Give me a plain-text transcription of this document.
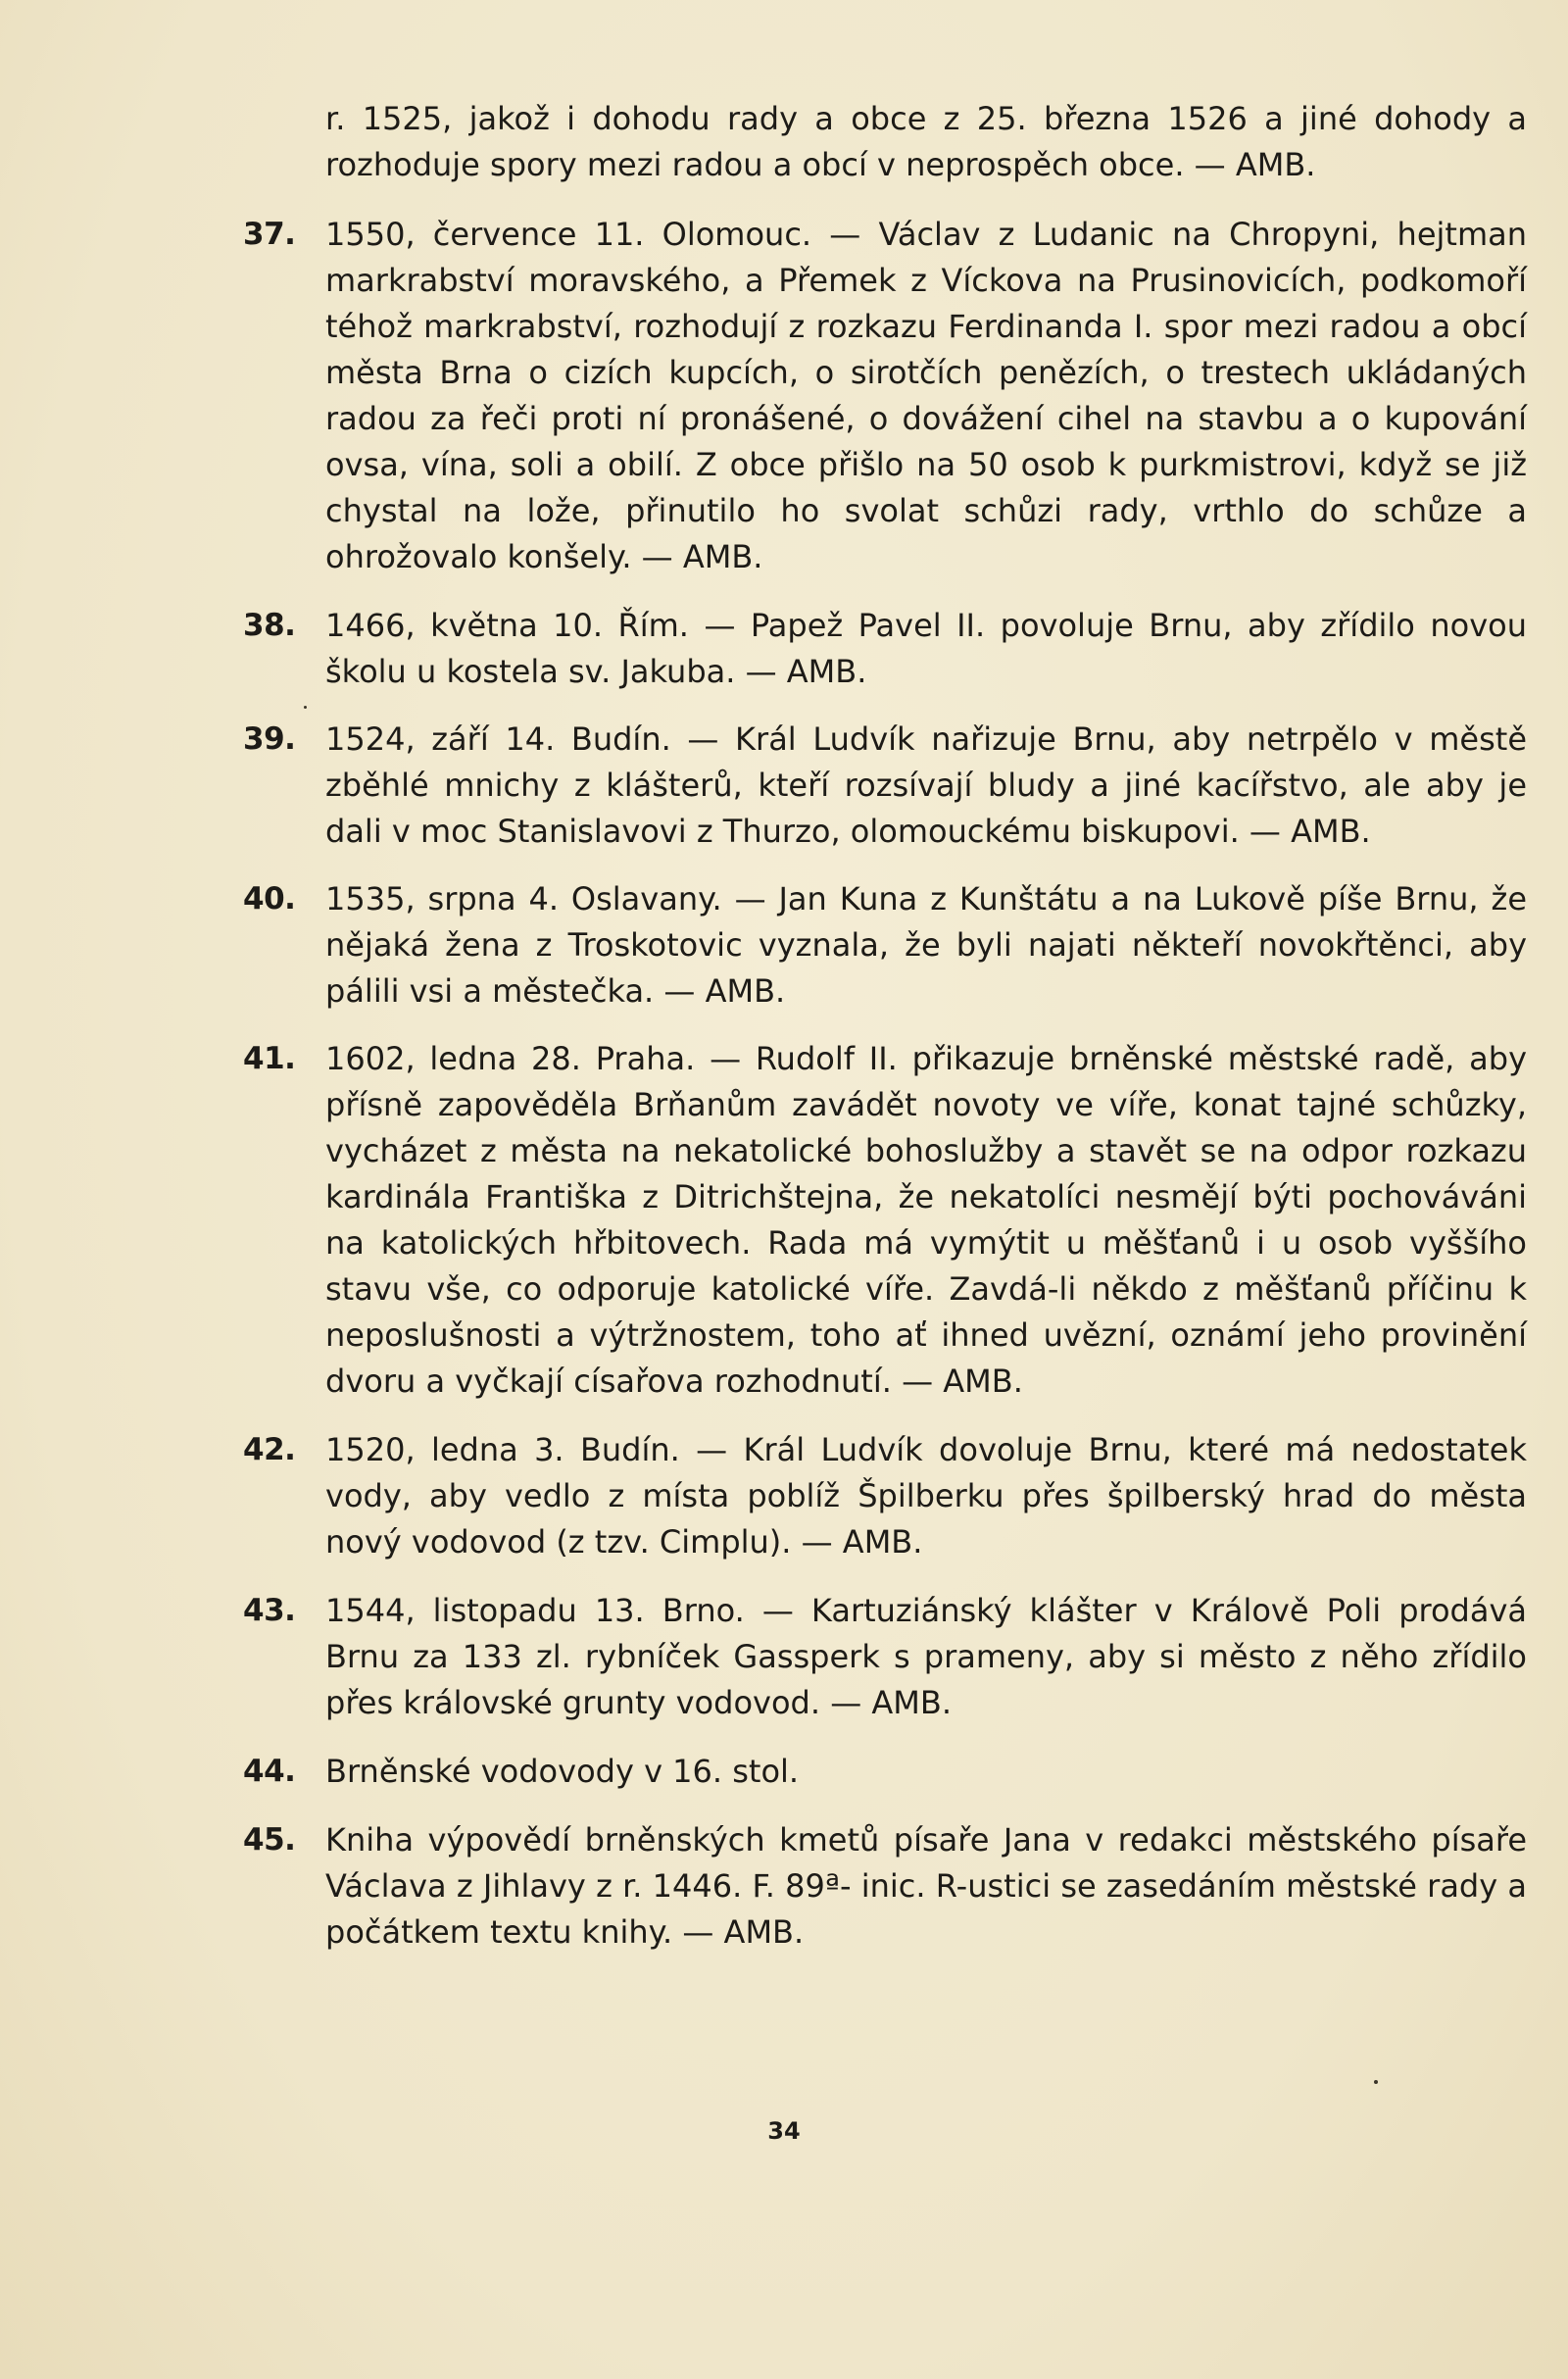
r. 1525, jakož i dohodu rady a obce z 25. března 1526 a jiné dohody a rozhoduje spory mezi radou a obcí v neprospěch obce. — AMB.
37. 1550, července 11. Olomouc. — Václav z Ludanic na Chropyni, hejtman markrabství moravského, a Přemek z Víckova na Prusinovicích, podkomoří téhož markrabství, rozhodují z rozkazu Ferdinanda I. spor mezi radou a obcí města Brna o cizích kupcích, o sirotčích penězích, o trestech ukládaných radou za řeči proti ní pronášené, o dovážení cihel na stavbu a o kupování ovsa, vína, soli a obilí. Z obce přišlo na 50 osob k purkmistrovi, když se již chystal na lože, přinutilo ho svolat schůzi rady, vrthlo do schůze a ohrožovalo konšely. — AMB.
38. 1466, května 10. Řím. — Papež Pavel II. povoluje Brnu, aby zřídilo novou školu u kostela sv. Jakuba. — AMB.
39. 1524, září 14. Budín. — Král Ludvík nařizuje Brnu, aby netrpělo v městě zběhlé mnichy z klášterů, kteří rozsívají bludy a jiné kacířstvo, ale aby je dali v moc Stanislavovi z Thurzo, olomouckému biskupovi. — AMB.
40. 1535, srpna 4. Oslavany. — Jan Kuna z Kunštátu a na Lukově píše Brnu, že nějaká žena z Troskotovic vyznala, že byli najati někteří novokřtěnci, aby pálili vsi a městečka. — AMB.
41. 1602, ledna 28. Praha. — Rudolf II. přikazuje brněnské městské radě, aby přísně zapověděla Brňanům zavádět novoty ve víře, konat tajné schůzky, vycházet z města na nekatolické bohoslužby a stavět se na odpor rozkazu kardinála Františka z Ditrichštejna, že nekatolíci nesmějí býti pochováváni na katolických hřbitovech. Rada má vymýtit u měšťanů i u osob vyššího stavu vše, co odporuje katolické víře. Zavdá-li někdo z měšťanů příčinu k neposlušnosti a výtržnostem, toho ať ihned uvězní, oznámí jeho provinění dvoru a vyčkají císařova rozhodnutí. — AMB.
42. 1520, ledna 3. Budín. — Král Ludvík dovoluje Brnu, které má nedostatek vody, aby vedlo z místa poblíž Špilberku přes špilberský hrad do města nový vodovod (z tzv. Cimplu). — AMB.
43. 1544, listopadu 13. Brno. — Kartuziánský klášter v Králově Poli prodává Brnu za 133 zl. rybníček Gassperk s prameny, aby si město z něho zřídilo přes královské grunty vodovod. — AMB.
44. Brněnské vodovody v 16. stol.
45. Kniha výpovědí brněnských kmetů písaře Jana v redakci městského písaře Václava z Jihlavy z r. 1446. F. 89ª- inic. R-ustici se zasedáním městské rady a počátkem textu knihy. — AMB.
34
